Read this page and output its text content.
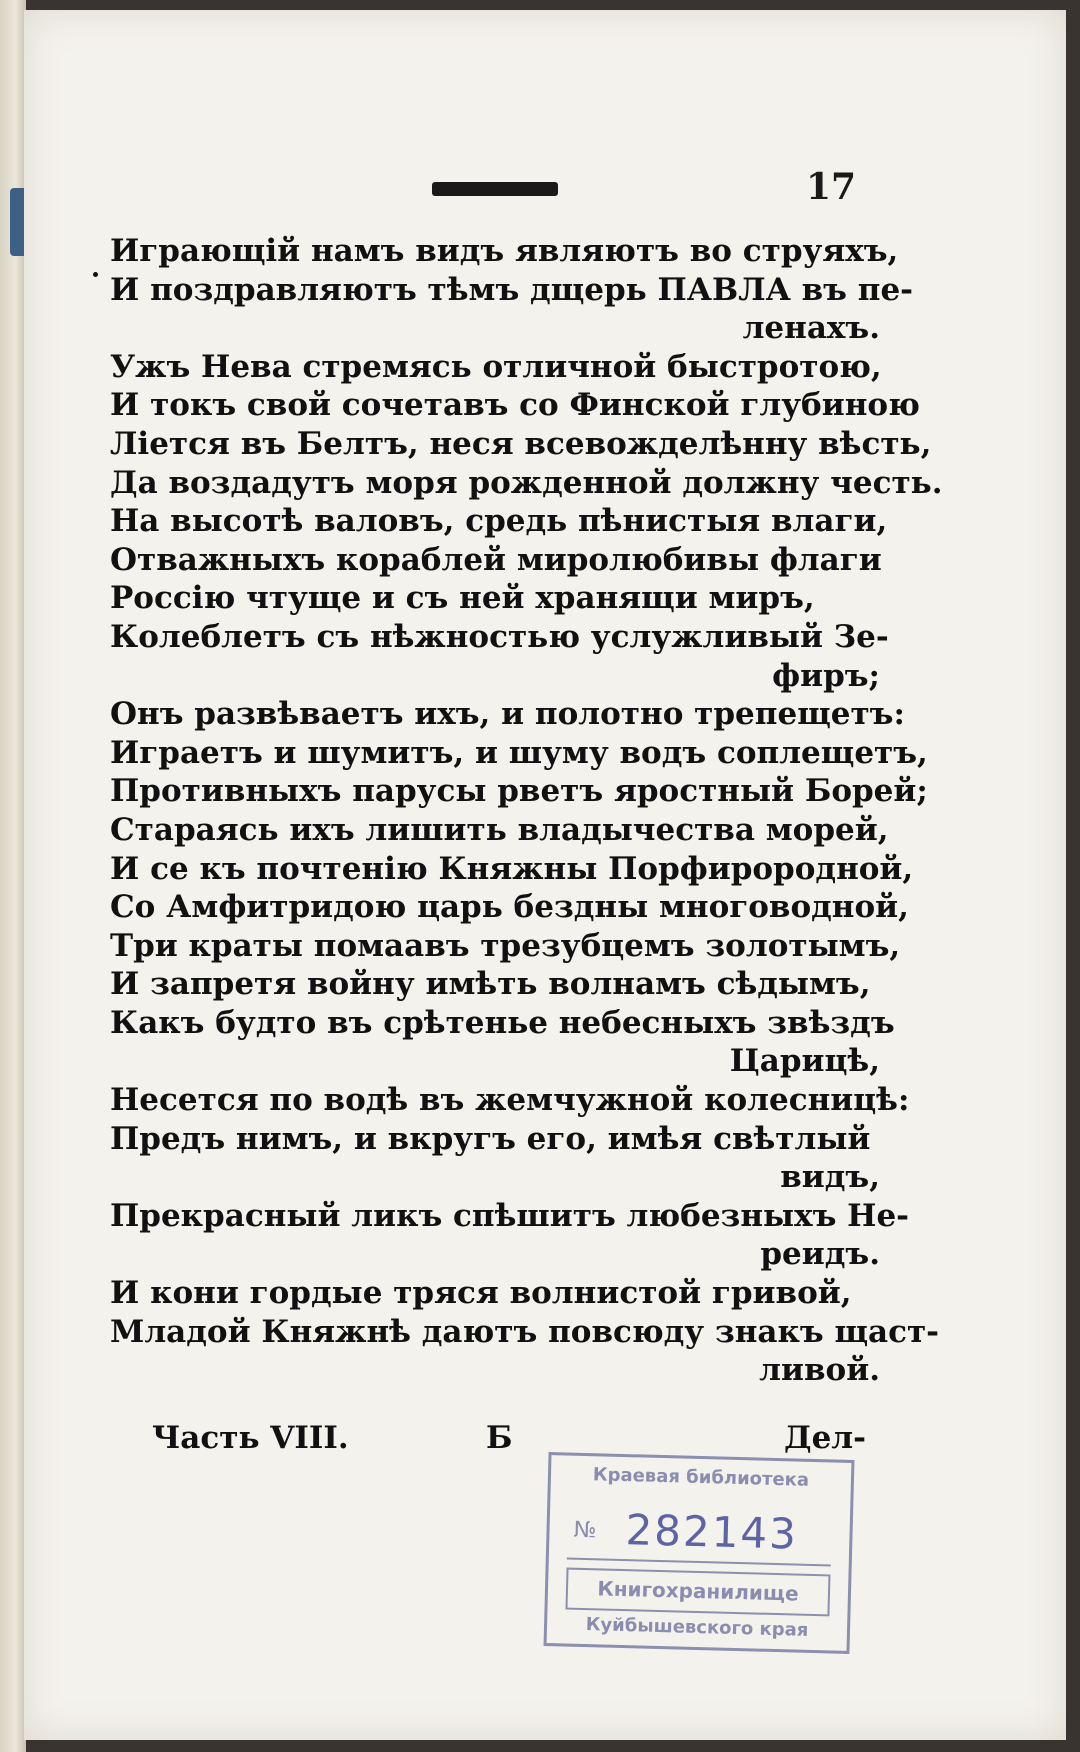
17
Играющій намъ видъ являютъ во струяхъ,
И поздравляютъ тѣмъ дщерь ПАВЛА въ пе-
ленахъ.
Ужъ Нева стремясь отличной быстротою,
И токъ свой сочетавъ со Финской глубиною
Ліется въ Белтъ, неся всевожделѣнну вѣсть,
Да воздадутъ моря рожденной должну честь.
На высотѣ валовъ, средь пѣнистыя влаги,
Отважныхъ кораблей миролюбивы флаги
Россію чтуще и съ ней хранящи миръ,
Колеблетъ съ нѣжностью услужливый Зе-
фиръ;
Онъ развѣваетъ ихъ, и полотно трепещетъ:
Играетъ и шумитъ, и шуму водъ соплещетъ,
Противныхъ парусы рветъ яростный Борей;
Стараясь ихъ лишить владычества морей,
И се къ почтенію Княжны Порфирородной,
Со Амфитридою царь бездны многоводной,
Три краты помаавъ трезубцемъ золотымъ,
И запретя войну имѣть волнамъ сѣдымъ,
Какъ будто въ срѣтенье небесныхъ звѣздъ
Царицѣ,
Несется по водѣ въ жемчужной колесницѣ:
Предъ нимъ, и вкругъ его, имѣя свѣтлый
видъ,
Прекрасный ликъ спѣшитъ любезныхъ Не-
реидъ.
И кони гордые тряся волнистой гривой,
Младой Княжнѣ даютъ повсюду знакъ щаст-
ливой.
Часть VIII.	Б	Дел-
Краевая библиотека
№ 282143
Книгохранилище
Куйбышевского края
